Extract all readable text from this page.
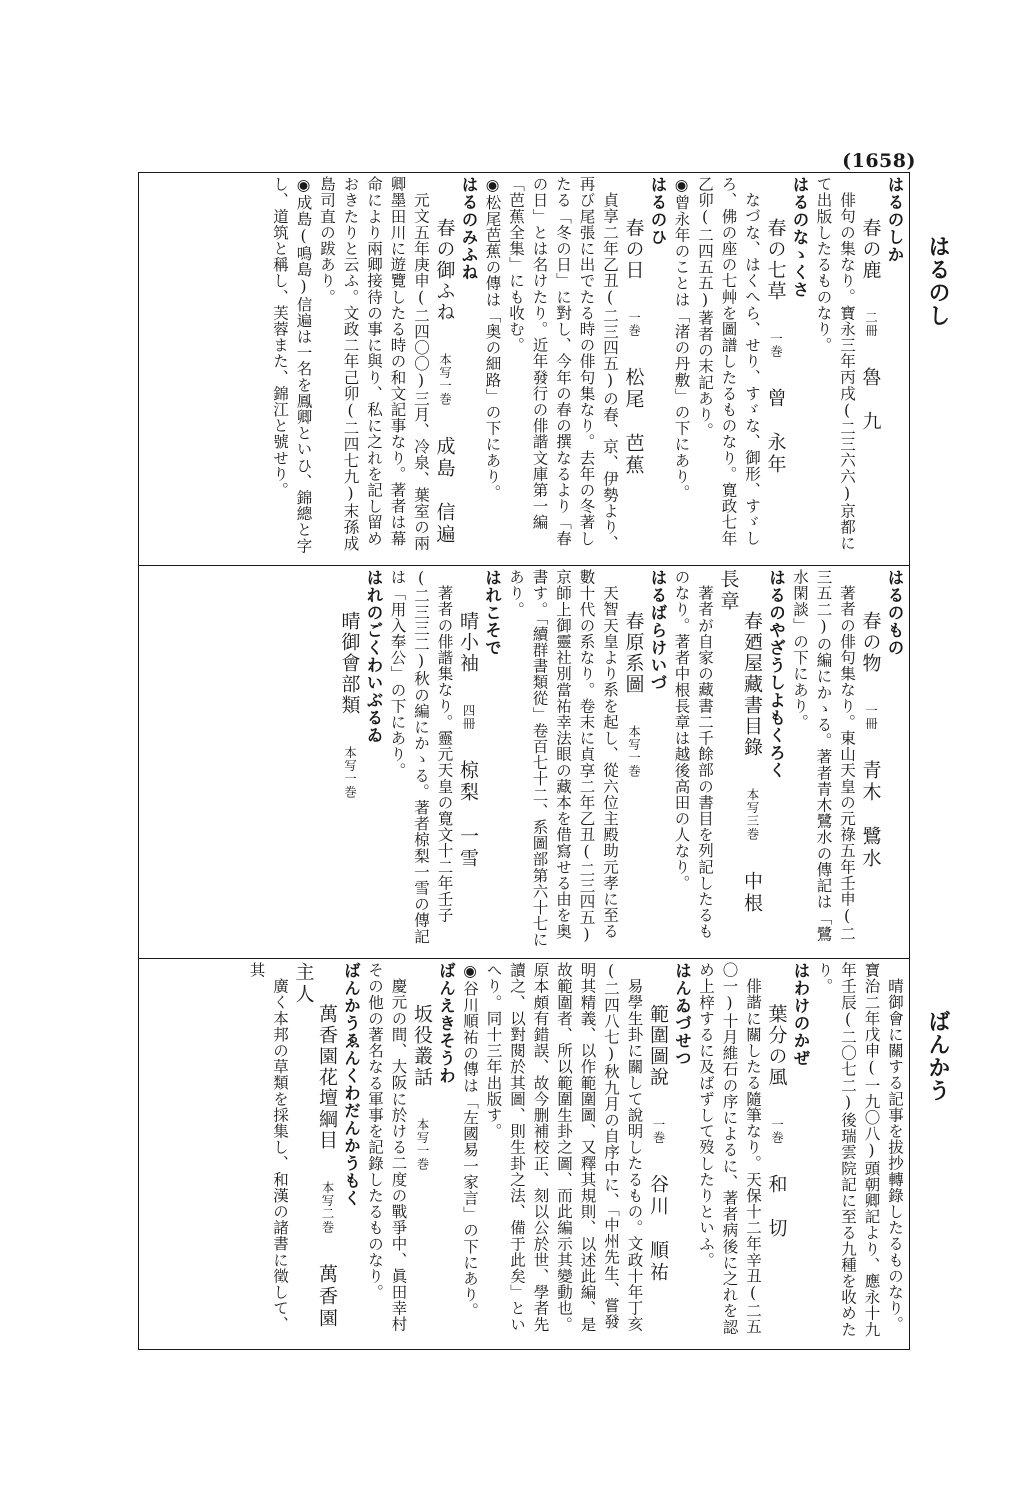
(1658)
はるのし
ばんかう

はるのしか

春の鹿二冊魯　九

俳句の集なり。寶永三年丙戌(二三六六)京都にて出版したるものなり。

はるのなゝくさ

春の七草一巻曾　永年

なづな、はくへら、せり、すゞな、御形、すゞしろ、佛の座の七艸を圖譜したるものなり。寛政七年乙卯(二四五五)著者の末記あり。

◉曾永年のことは「渚の丹敷」の下にあり。

はるのひ

春の日一巻松尾　芭蕉

貞享二年乙丑(二三四五)の春、京、伊勢より、再び尾張に出でたる時の俳句集なり。去年の冬著したる「冬の日」に對し、今年の春の撰なるより「春の日」とは名けたり。近年發行の俳諧文庫第一編「芭蕉全集」にも收む。

◉松尾芭蕉の傳は「奥の細路」の下にあり。

はるのみふね

春の御ふね本写一巻成島　信遍

元文五年庚申(二四〇〇)三月、冷泉、葉室の兩卿墨田川に遊覽したる時の和文記事なり。著者は幕命により兩卿接待の事に與り、私に之れを記し留めおきたりと云ふ。文政二年己卯(二四七九)末孫成島司直の跋あり。

◉成島(鳴島)信遍は一名を鳳卿といひ、錦總と字し、道筑と稱し、芙蓉また、錦江と號せり。

はるのもの

春の物一冊青木　鷺水

著者の俳句集なり。東山天皇の元祿五年壬申(二三五二)の編にかゝる。著者青木鷺水の傳記は「鷺水閑談」の下にあり。

はるのやざうしよもくろく

春廼屋藏書目錄本写三巻中根　長章

著者が自家の藏書二千餘部の書目を列記したるものなり。著者中根長章は越後高田の人なり。

はるばらけいづ

春原系圖本写一巻

天智天皇より系を起し、從六位主殿助元孝に至る數十代の系なり。卷末に貞享二年乙丑(二三四五)京師上御靈社別當祐幸法眼の藏本を借寫せる由を奥書す。「續群書類從」卷百七十二、系圖部第六十七にあり。

はれこそで

晴小袖四冊椋梨　一雪

著者の俳諧集なり。靈元天皇の寛文十二年壬子(二三三二)秋の編にかゝる。著者椋梨一雪の傳記は「用入奉公」の下にあり。

はれのごくわいぶるゐ

晴御會部類本写一巻

晴御會に關する記事を拔抄轉錄したるものなり。寶治二年戊申(一九〇八)頭朝卿記より、應永十九年壬辰(二〇七二)後瑞雲院記に至る九種を收めたり。

はわけのかぜ

葉分の風一巻和　切

俳諧に關したる隨筆なり。天保十二年辛丑(二五〇一)十月維石の序によるに、著者病後に之れを認め上梓するに及ばずして歿したりといふ。

はんゐづせつ

範圍圖說一巻谷川　順祐

易學生卦に關して說明したるもの。文政十年丁亥(二四八七)秋九月の自序中に、「中州先生、嘗發明其精義、以作範圍圖、又釋其規則、以述此編、是故範圍者、所以範圍生卦之圖、而此編示其變動也。原本頗有錯誤、故今删補校正、刻以公於世、學者先讀之、以對閱於其圖、則生卦之法、備于此矣」といへり。同十三年出版す。

◉谷川順祐の傳は「左國易一家言」の下にあり。

ばんえきそうわ

坂役叢話本写一巻

慶元の間、大阪に於ける二度の戰爭中、眞田幸村その他の著名なる軍事を記錄したるものなり。

ばんかうゑんくわだんかうもく

萬香園花壇綱目本写二巻萬香園主人

廣く本邦の草類を採集し、和漢の諸書に徵して、其
